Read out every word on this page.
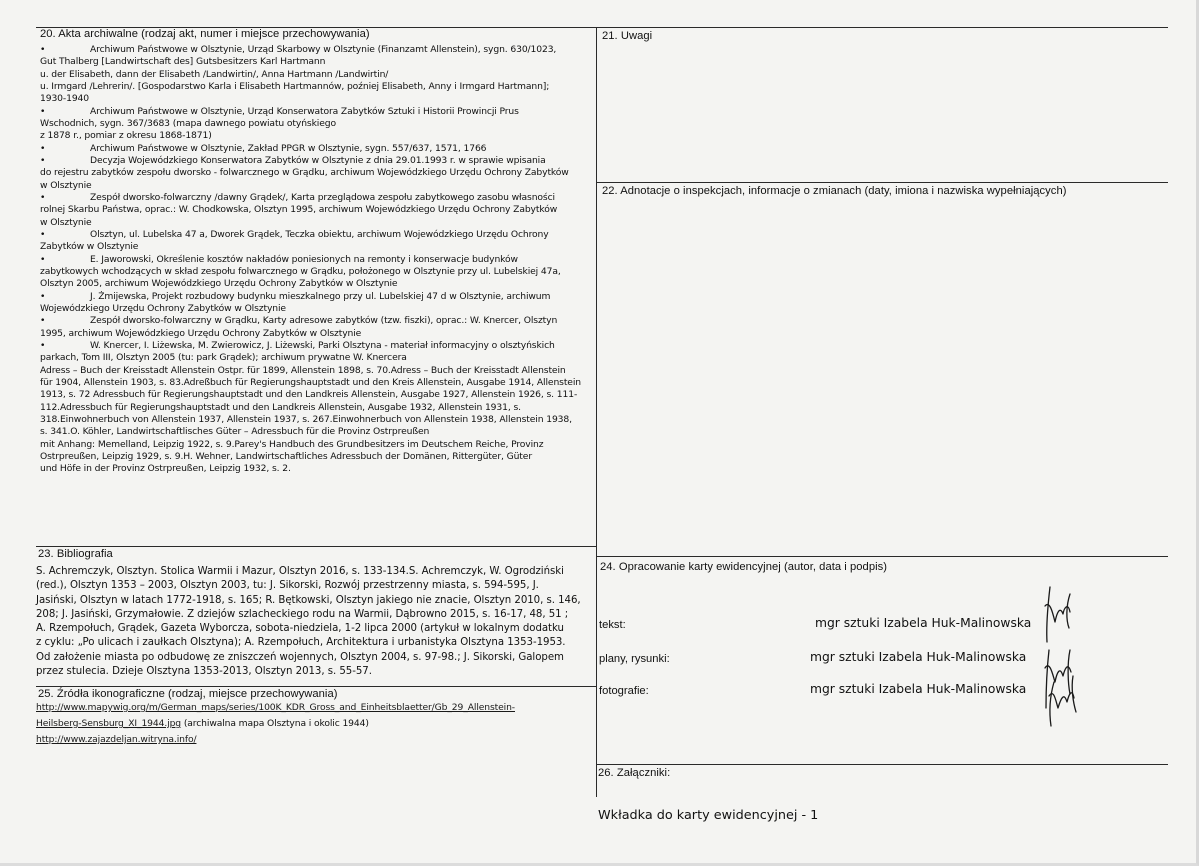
20. Akta archiwalne (rodzaj akt, numer i miejsce przechowywania)
•	Archiwum Państwowe w Olsztynie, Urząd Skarbowy w Olsztynie (Finanzamt Allenstein), sygn. 630/1023,
Gut Thalberg [Landwirtschaft des] Gutsbesitzers Karl Hartmann
u. der Elisabeth, dann der Elisabeth /Landwirtin/, Anna Hartmann /Landwirtin/
u. Irmgard /Lehrerin/. [Gospodarstwo Karla i Elisabeth Hartmannów, poźniej Elisabeth, Anny i Irmgard Hartmann];
1930-1940
•	Archiwum Państwowe w Olsztynie, Urząd Konserwatora Zabytków Sztuki i Historii Prowincji Prus
Wschodnich, sygn. 367/3683 (mapa dawnego powiatu otyńskiego
z 1878 r., pomiar z okresu 1868-1871)
•	Archiwum Państwowe w Olsztynie, Zakład PPGR w Olsztynie, sygn. 557/637, 1571, 1766
•	Decyzja Wojewódzkiego Konserwatora Zabytków w Olsztynie z dnia 29.01.1993 r. w sprawie wpisania
do rejestru zabytków zespołu dworsko - folwarcznego w Grądku, archiwum Wojewódzkiego Urzędu Ochrony Zabytków
w Olsztynie
•	Zespół dworsko-folwarczny /dawny Grądek/, Karta przeglądowa zespołu zabytkowego zasobu własności
rolnej Skarbu Państwa, oprac.: W. Chodkowska, Olsztyn 1995, archiwum Wojewódzkiego Urzędu Ochrony Zabytków
w Olsztynie
•	Olsztyn, ul. Lubelska 47 a, Dworek Grądek, Teczka obiektu, archiwum Wojewódzkiego Urzędu Ochrony
Zabytków w Olsztynie
•	E. Jaworowski, Określenie kosztów nakładów poniesionych na remonty i konserwacje budynków
zabytkowych wchodzących w skład zespołu folwarcznego w Grądku, położonego w Olsztynie przy ul. Lubelskiej 47a,
Olsztyn 2005, archiwum Wojewódzkiego Urzędu Ochrony Zabytków w Olsztynie
•	J. Żmijewska, Projekt rozbudowy budynku mieszkalnego przy ul. Lubelskiej 47 d w Olsztynie, archiwum
Wojewódzkiego Urzędu Ochrony Zabytków w Olsztynie
•	Zespół dworsko-folwarczny w Grądku, Karty adresowe zabytków (tzw. fiszki), oprac.: W. Knercer, Olsztyn
1995, archiwum Wojewódzkiego Urzędu Ochrony Zabytków w Olsztynie
•	W. Knercer, I. Liżewska, M. Zwierowicz, J. Liżewski, Parki Olsztyna - materiał informacyjny o olsztyńskich
parkach, Tom III, Olsztyn 2005 (tu: park Grądek); archiwum prywatne W. Knercera
Adress – Buch der Kreisstadt Allenstein Ostpr. für 1899, Allenstein 1898, s. 70.Adress – Buch der Kreisstadt Allenstein
für 1904, Allenstein 1903, s. 83.Adreßbuch für Regierungshauptstadt und den Kreis Allenstein, Ausgabe 1914, Allenstein
1913, s. 72 Adressbuch für Regierungshauptstadt und den Landkreis Allenstein, Ausgabe 1927, Allenstein 1926, s. 111-
112.Adressbuch für Regierungshauptstadt und den Landkreis Allenstein, Ausgabe 1932, Allenstein 1931, s.
318.Einwohnerbuch von Allenstein 1937, Allenstein 1937, s. 267.Einwohnerbuch von Allenstein 1938, Allenstein 1938,
s. 341.O. Köhler, Landwirtschaftlisches Güter – Adressbuch für die Provinz Ostrpreußen
mit Anhang: Memelland, Leipzig 1922, s. 9.Parey's Handbuch des Grundbesitzers im Deutschem Reiche, Provinz
Ostrpreußen, Leipzig 1929, s. 9.H. Wehner, Landwirtschaftliches Adressbuch der Domänen, Rittergüter, Güter
und Höfe in der Provinz Ostrpreußen, Leipzig 1932, s. 2.
21. Uwagi
22. Adnotacje o inspekcjach, informacje o zmianach (daty, imiona i nazwiska wypełniających)
23. Bibliografia
S. Achremczyk, Olsztyn. Stolica Warmii i Mazur, Olsztyn 2016, s. 133-134.S. Achremczyk, W. Ogrodziński
(red.), Olsztyn 1353 – 2003, Olsztyn 2003, tu: J. Sikorski, Rozwój przestrzenny miasta, s. 594-595, J.
Jasiński, Olsztyn w latach 1772-1918, s. 165; R. Bętkowski, Olsztyn jakiego nie znacie, Olsztyn 2010, s. 146,
208; J. Jasiński, Grzymałowie. Z dziejów szlacheckiego rodu na Warmii, Dąbrowno 2015, s. 16-17, 48, 51 ;
A. Rzempołuch, Grądek, Gazeta Wyborcza, sobota-niedziela, 1-2 lipca 2000 (artykuł w lokalnym dodatku
z cyklu: „Po ulicach i zaułkach Olsztyna); A. Rzempołuch, Architektura i urbanistyka Olsztyna 1353-1953.
Od założenie miasta po odbudowę ze zniszczeń wojennych, Olsztyn 2004, s. 97-98.; J. Sikorski, Galopem
przez stulecia. Dzieje Olsztyna 1353-2013, Olsztyn 2013, s. 55-57.
25. Źródła ikonograficzne (rodzaj, miejsce przechowywania)
http://www.mapywig.org/m/German_maps/series/100K_KDR_Gross_and_Einheitsblaetter/Gb_29_Allenstein-
Heilsberg-Sensburg_XI_1944.jpg (archiwalna mapa Olsztyna i okolic 1944)
http://www.zajazdeljan.witryna.info/
24. Opracowanie karty ewidencyjnej (autor, data i podpis)
tekst:	mgr sztuki Izabela Huk-Malinowska
plany, rysunki:	mgr sztuki Izabela Huk-Malinowska
fotografie:	mgr sztuki Izabela Huk-Malinowska
26. Załączniki:
Wkładka do karty ewidencyjnej - 1
